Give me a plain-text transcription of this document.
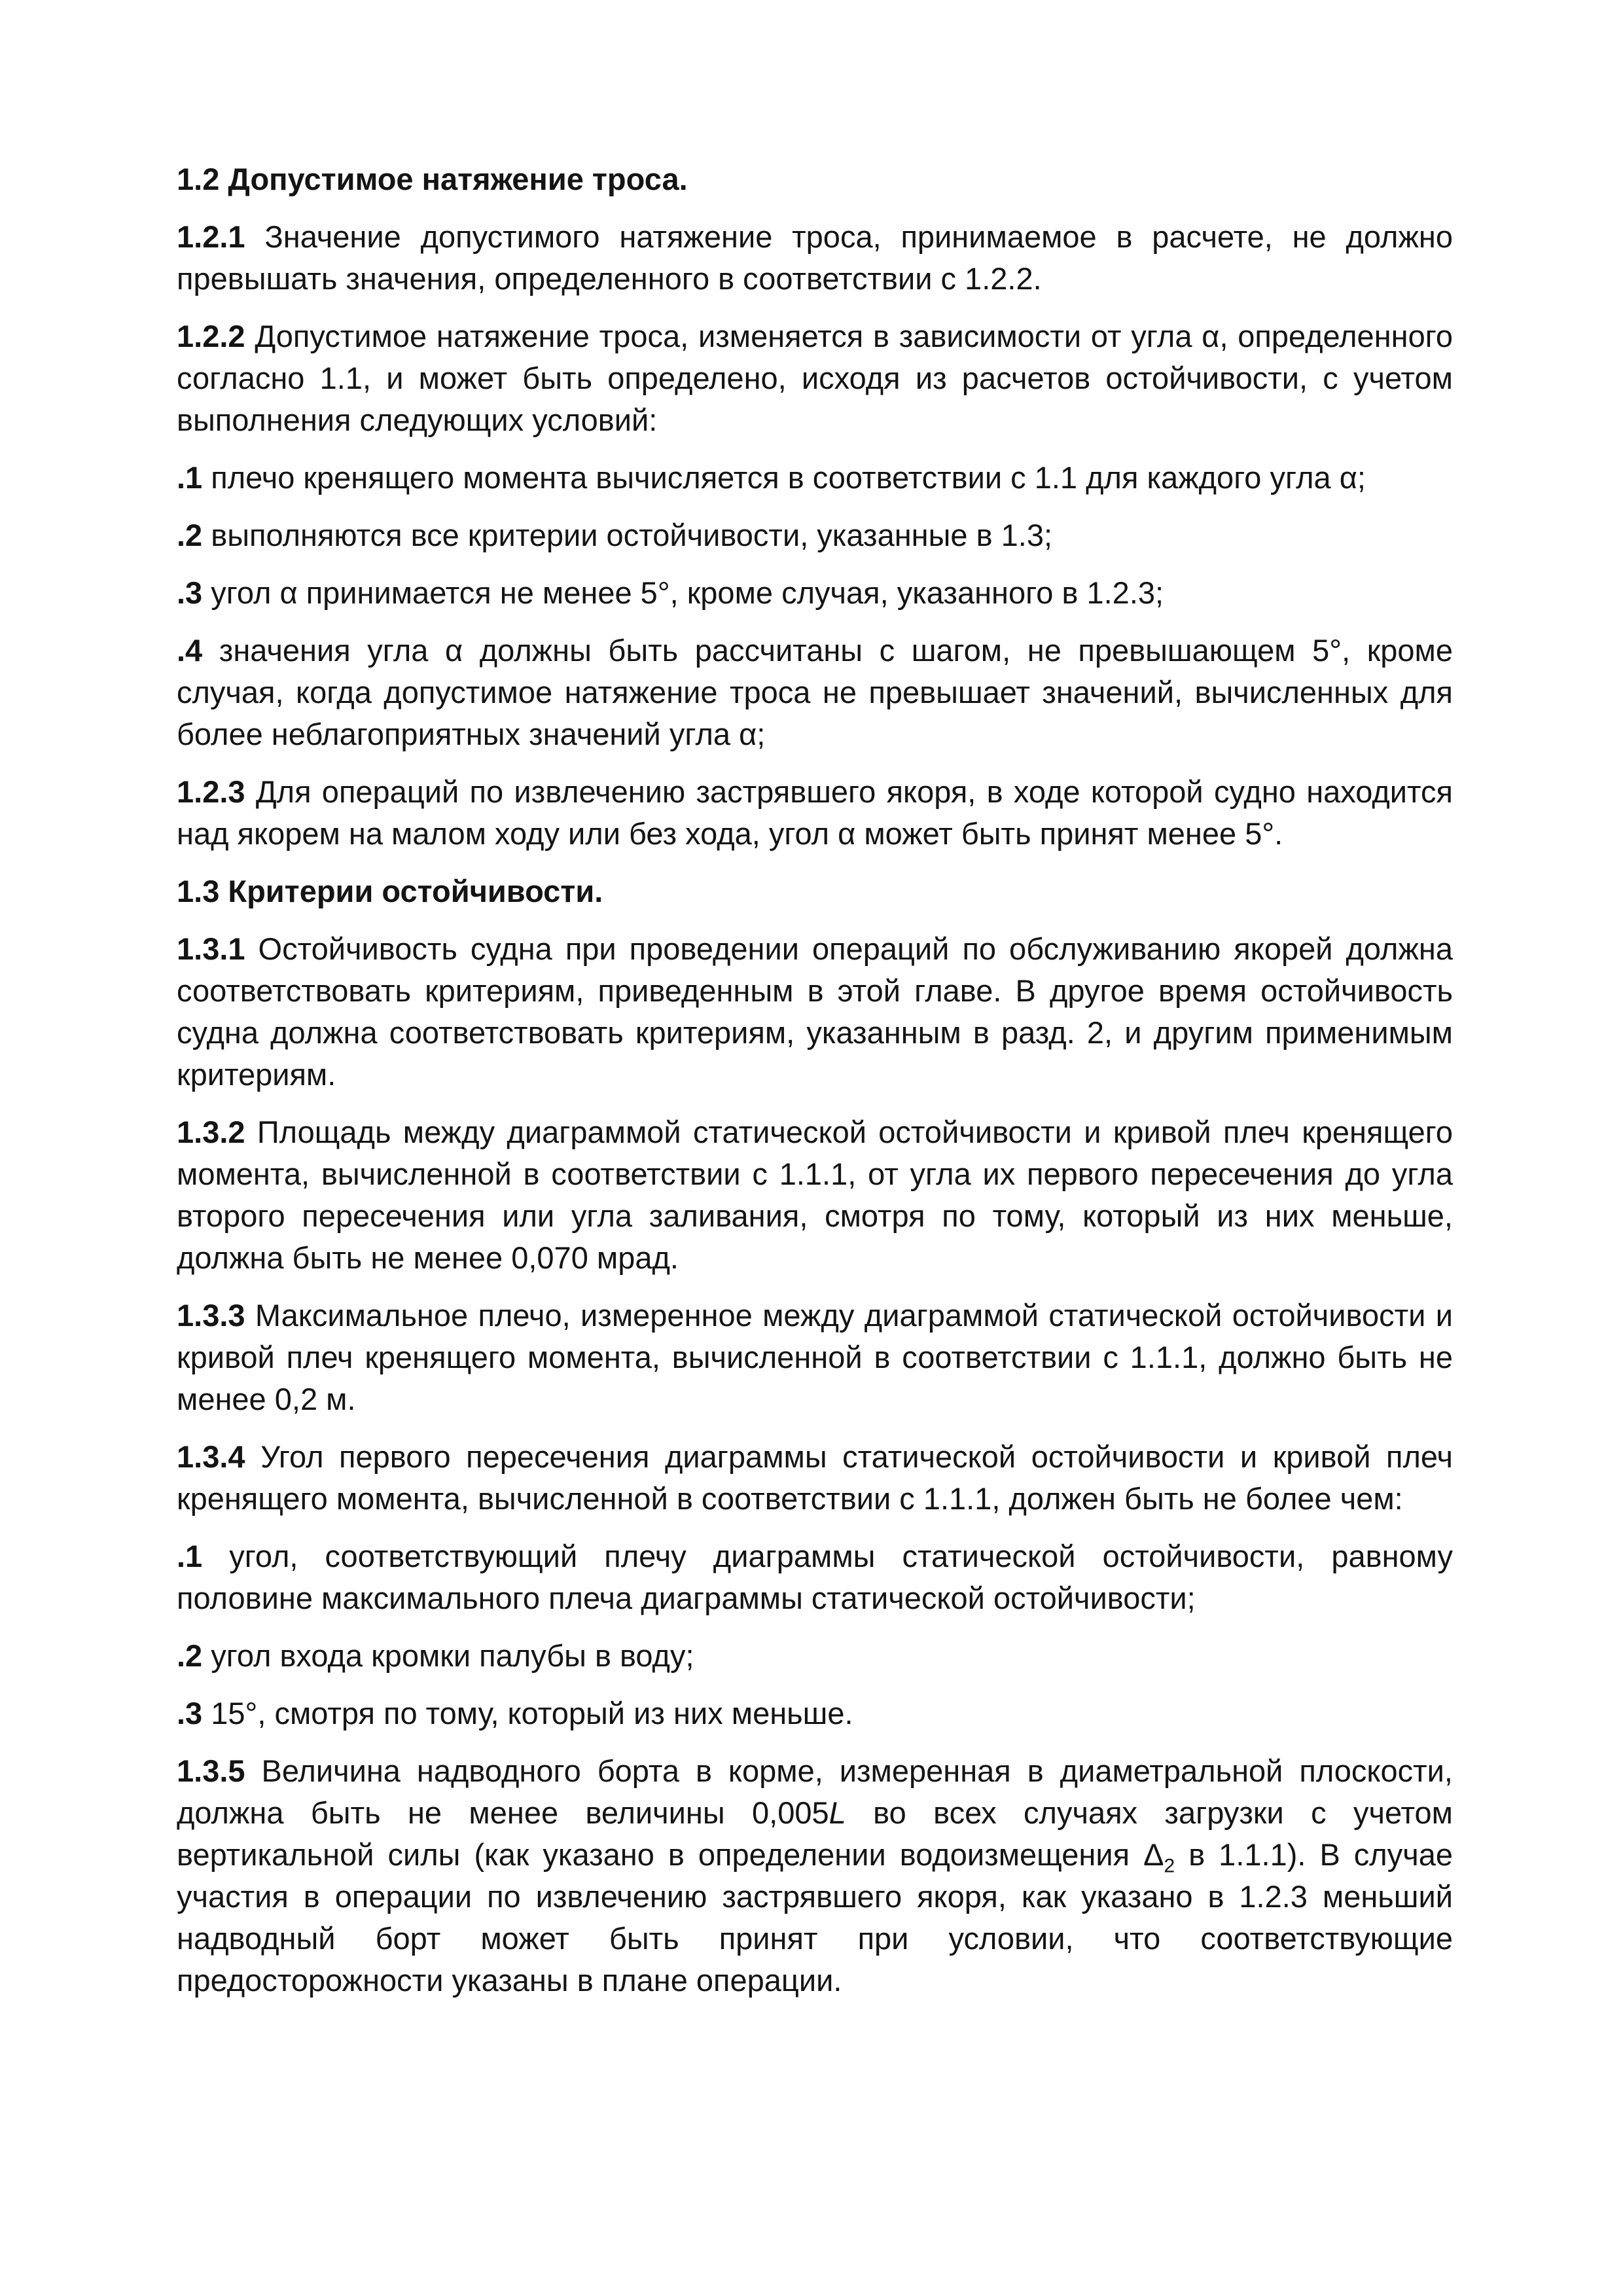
1.2 Допустимое натяжение троса.
1.2.1 Значение допустимого натяжение троса, принимаемое в расчете, не должно превышать значения, определенного в соответствии с 1.2.2.
1.2.2 Допустимое натяжение троса, изменяется в зависимости от угла α, определенного согласно 1.1, и может быть определено, исходя из расчетов остойчивости, с учетом выполнения следующих условий:
.1 плечо кренящего момента вычисляется в соответствии с 1.1 для каждого угла α;
.2 выполняются все критерии остойчивости, указанные в 1.3;
.3 угол α принимается не менее 5°, кроме случая, указанного в 1.2.3;
.4 значения угла α должны быть рассчитаны с шагом, не превышающем 5°, кроме случая, когда допустимое натяжение троса не превышает значений, вычисленных для более неблагоприятных значений угла α;
1.2.3 Для операций по извлечению застрявшего якоря, в ходе которой судно находится над якорем на малом ходу или без хода, угол α может быть принят менее 5°.
1.3 Критерии остойчивости.
1.3.1 Остойчивость судна при проведении операций по обслуживанию якорей должна соответствовать критериям, приведенным в этой главе. В другое время остойчивость судна должна соответствовать критериям, указанным в разд. 2, и другим применимым критериям.
1.3.2 Площадь между диаграммой статической остойчивости и кривой плеч кренящего момента, вычисленной в соответствии с 1.1.1, от угла их первого пересечения до угла второго пересечения или угла заливания, смотря по тому, который из них меньше, должна быть не менее 0,070 мрад.
1.3.3 Максимальное плечо, измеренное между диаграммой статической остойчивости и кривой плеч кренящего момента, вычисленной в соответствии с 1.1.1, должно быть не менее 0,2 м.
1.3.4 Угол первого пересечения диаграммы статической остойчивости и кривой плеч кренящего момента, вычисленной в соответствии с 1.1.1, должен быть не более чем:
.1 угол, соответствующий плечу диаграммы статической остойчивости, равному половине максимального плеча диаграммы статической остойчивости;
.2 угол входа кромки палубы в воду;
.3 15°, смотря по тому, который из них меньше.
1.3.5 Величина надводного борта в корме, измеренная в диаметральной плоскости, должна быть не менее величины 0,005L во всех случаях загрузки с учетом вертикальной силы (как указано в определении водоизмещения $\Delta_2$ в 1.1.1). В случае участия в операции по извлечению застрявшего якоря, как указано в 1.2.3 меньший надводный борт может быть принят при условии, что соответствующие предосторожности указаны в плане операции.
